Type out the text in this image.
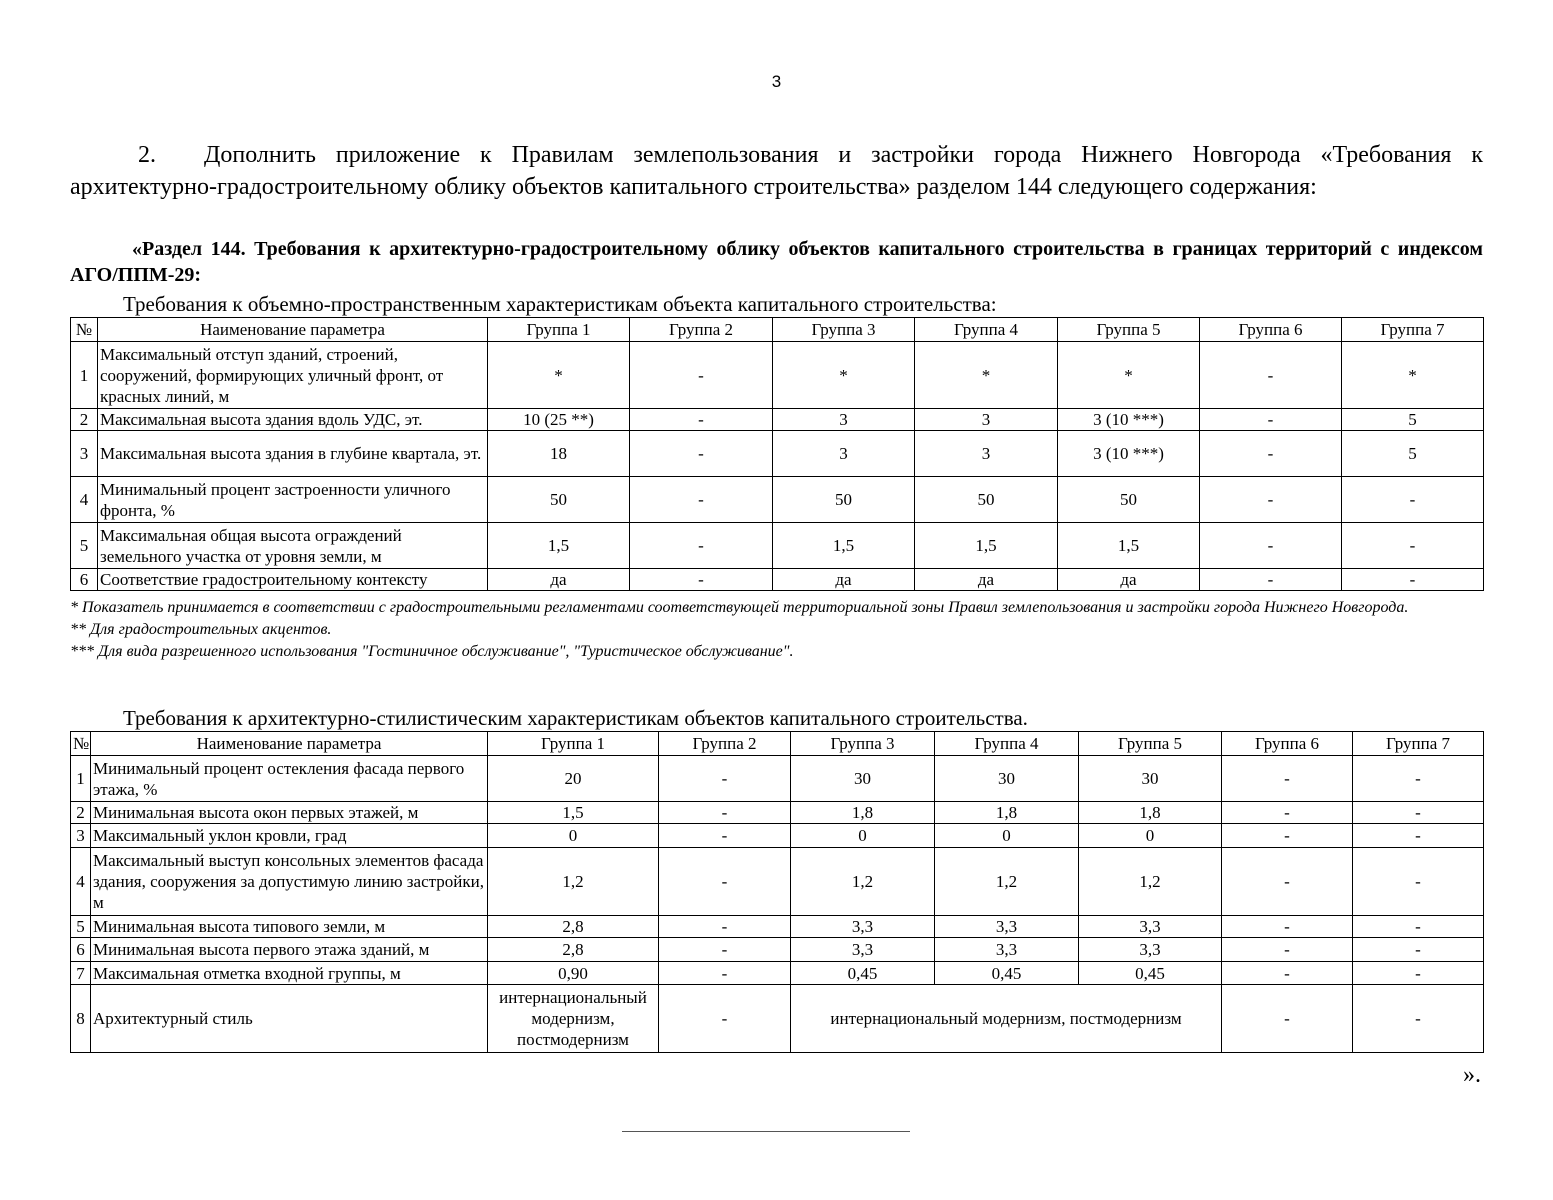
3
2. Дополнить приложение к Правилам землепользования и застройки города Нижнего Новгорода «Требования к архитектурно-градостроительному облику объектов капитального строительства» разделом 144 следующего содержания:
«Раздел 144. Требования к архитектурно-градостроительному облику объектов капитального строительства в границах территорий с индексом АГО/ППМ-29:
Требования к объемно-пространственным характеристикам объекта капитального строительства:
№	Наименование параметра	Группа 1	Группа 2	Группа 3	Группа 4	Группа 5	Группа 6	Группа 7
1	Максимальный отступ зданий, строений, сооружений, формирующих уличный фронт, от красных линий, м	*	-	*	*	*	-	*
2	Максимальная высота здания вдоль УДС, эт.	10 (25 **)	-	3	3	3 (10 ***)	-	5
3	Максимальная высота здания в глубине квартала, эт.	18	-	3	3	3 (10 ***)	-	5
4	Минимальный процент застроенности уличного фронта, %	50	-	50	50	50	-	-
5	Максимальная общая высота ограждений земельного участка от уровня земли, м	1,5	-	1,5	1,5	1,5	-	-
6	Соответствие градостроительному контексту	да	-	да	да	да	-	-

* Показатель принимается в соответствии с градостроительными регламентами соответствующей территориальной зоны Правил землепользования и застройки города Нижнего Новгорода.

** Для градостроительных акцентов.

*** Для вида разрешенного использования "Гостиничное обслуживание", "Туристическое обслуживание".

Требования к архитектурно-стилистическим характеристикам объектов капитального строительства.
№	Наименование параметра	Группа 1	Группа 2	Группа 3	Группа 4	Группа 5	Группа 6	Группа 7
1	Минимальный процент остекления фасада первого этажа, %	20	-	30	30	30	-	-
2	Минимальная высота окон первых этажей, м	1,5	-	1,8	1,8	1,8	-	-
3	Максимальный уклон кровли, град	0	-	0	0	0	-	-
4	Максимальный выступ консольных элементов фасада здания, сооружения за допустимую линию застройки, м	1,2	-	1,2	1,2	1,2	-	-
5	Минимальная высота типового земли, м	2,8	-	3,3	3,3	3,3	-	-
6	Минимальная высота первого этажа зданий, м	2,8	-	3,3	3,3	3,3	-	-
7	Максимальная отметка входной группы, м	0,90	-	0,45	0,45	0,45	-	-
8	Архитектурный стиль	интернациональный модернизм, постмодернизм	-	интернациональный модернизм, постмодернизм			-	-
».
